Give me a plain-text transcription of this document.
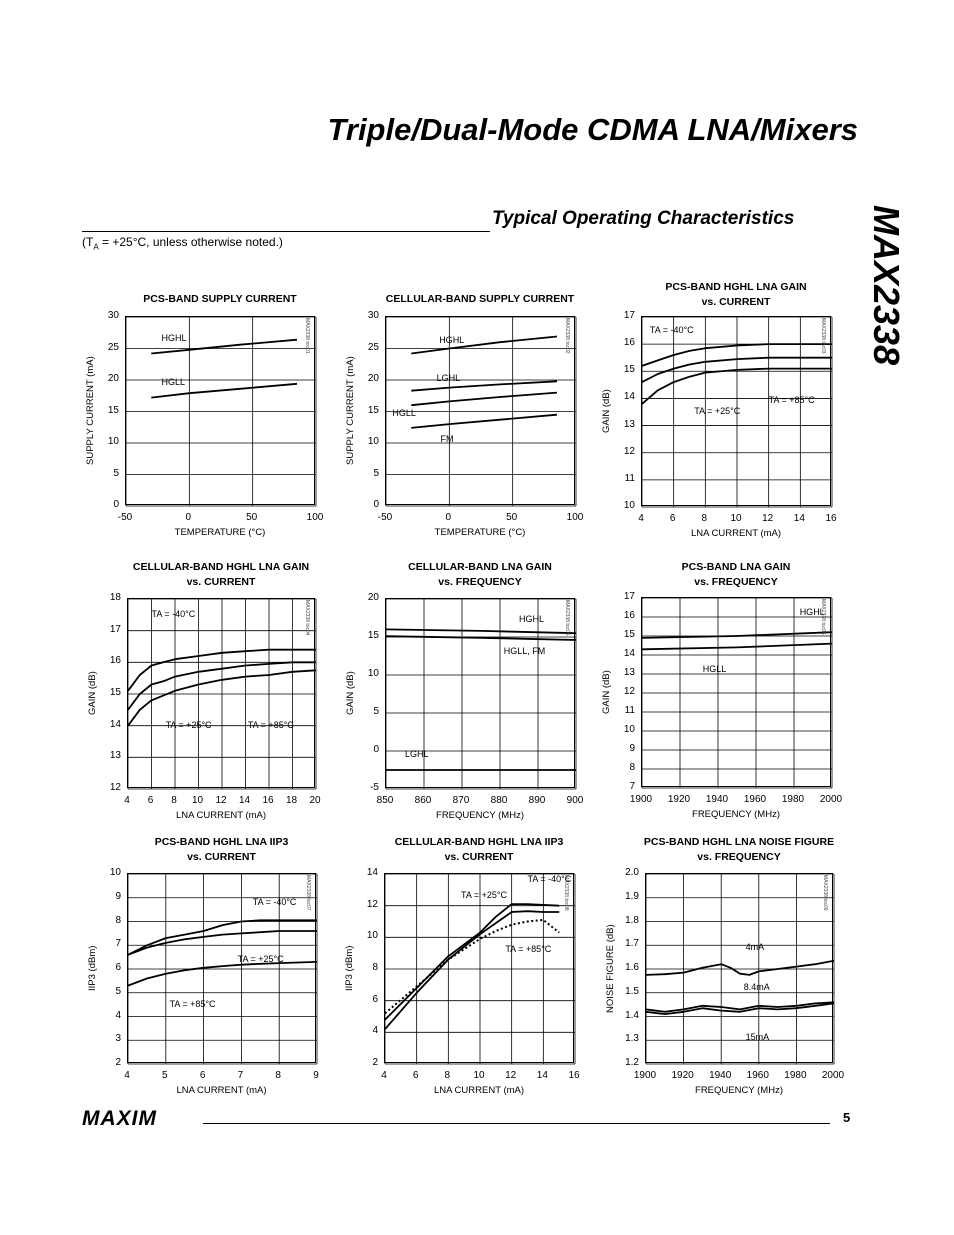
Triple/Dual-Mode CDMA LNA/Mixers
MAX2338
Typical Operating Characteristics
($T_A = +25^\circ C$, unless otherwise noted.)
PCS-BAND SUPPLY CURRENT
HGHL
HGLL
-50	0	50	100
0
5
10
15
20
25
30
TEMPERATURE (°C)
SUPPLY CURRENT (mA)
MAX2338 toc01
CELLULAR-BAND SUPPLY CURRENT
HGHL
LGHL
HGLL
FM
-50	0	50	100
0
5
10
15
20
25
30
TEMPERATURE (°C)
SUPPLY CURRENT (mA)
MAX2338 toc02
PCS-BAND HGHL LNA GAIN
vs. CURRENT
TA = -40°C
TA = +25°C
TA = +85°C
4	6	8	10	12	14	16
10
11
12
13
14
15
16
17
LNA CURRENT (mA)
GAIN (dB)
MAX2338 toc03
CELLULAR-BAND HGHL LNA GAIN
vs. CURRENT
TA = -40°C
TA = +25°C	TA = +85°C
4	6	8	10	12	14	16	18	20
12
13
14
15
16
17
18
LNA CURRENT (mA)
GAIN (dB)
MAX2338 toc04
CELLULAR-BAND LNA GAIN
vs. FREQUENCY
HGHL
HGLL, FM
LGHL
850	860	870	880	890	900
-5
0
5
10
15
20
FREQUENCY (MHz)
GAIN (dB)
MAX2338 toc05
PCS-BAND LNA GAIN
vs. FREQUENCY
HGHL
HGLL
1900 1920 1940 1960 1980 2000
7
8
9
10
11
12
13
14
15
16
17
FREQUENCY (MHz)
GAIN (dB)
MAX2338 toc06
PCS-BAND HGHL LNA IIP3
vs. CURRENT
TA = -40°C
TA = +25°C
TA = +85°C
4	5	6	7	8	9
2
3
4
5
6
7
8
9
10
LNA CURRENT (mA)
IIP3 (dBm)
MAX2338 toc07
CELLULAR-BAND HGHL LNA IIP3
vs. CURRENT
TA = -40°C
TA = +25°C
TA = +85°C
4	6	8	10	12	14	16
2
4
6
8
10
12
14
LNA CURRENT (mA)
IIP3 (dBm)
MAX2338 toc08
PCS-BAND HGHL LNA NOISE FIGURE
vs. FREQUENCY
4mA
8.4mA
15mA
1900 1920 1940 1960 1980 2000
1.2
1.3
1.4
1.5
1.6
1.7
1.8
1.9
2.0
FREQUENCY (MHz)
NOISE FIGURE (dB)
MAX2338 toc09
MAXIM	5
